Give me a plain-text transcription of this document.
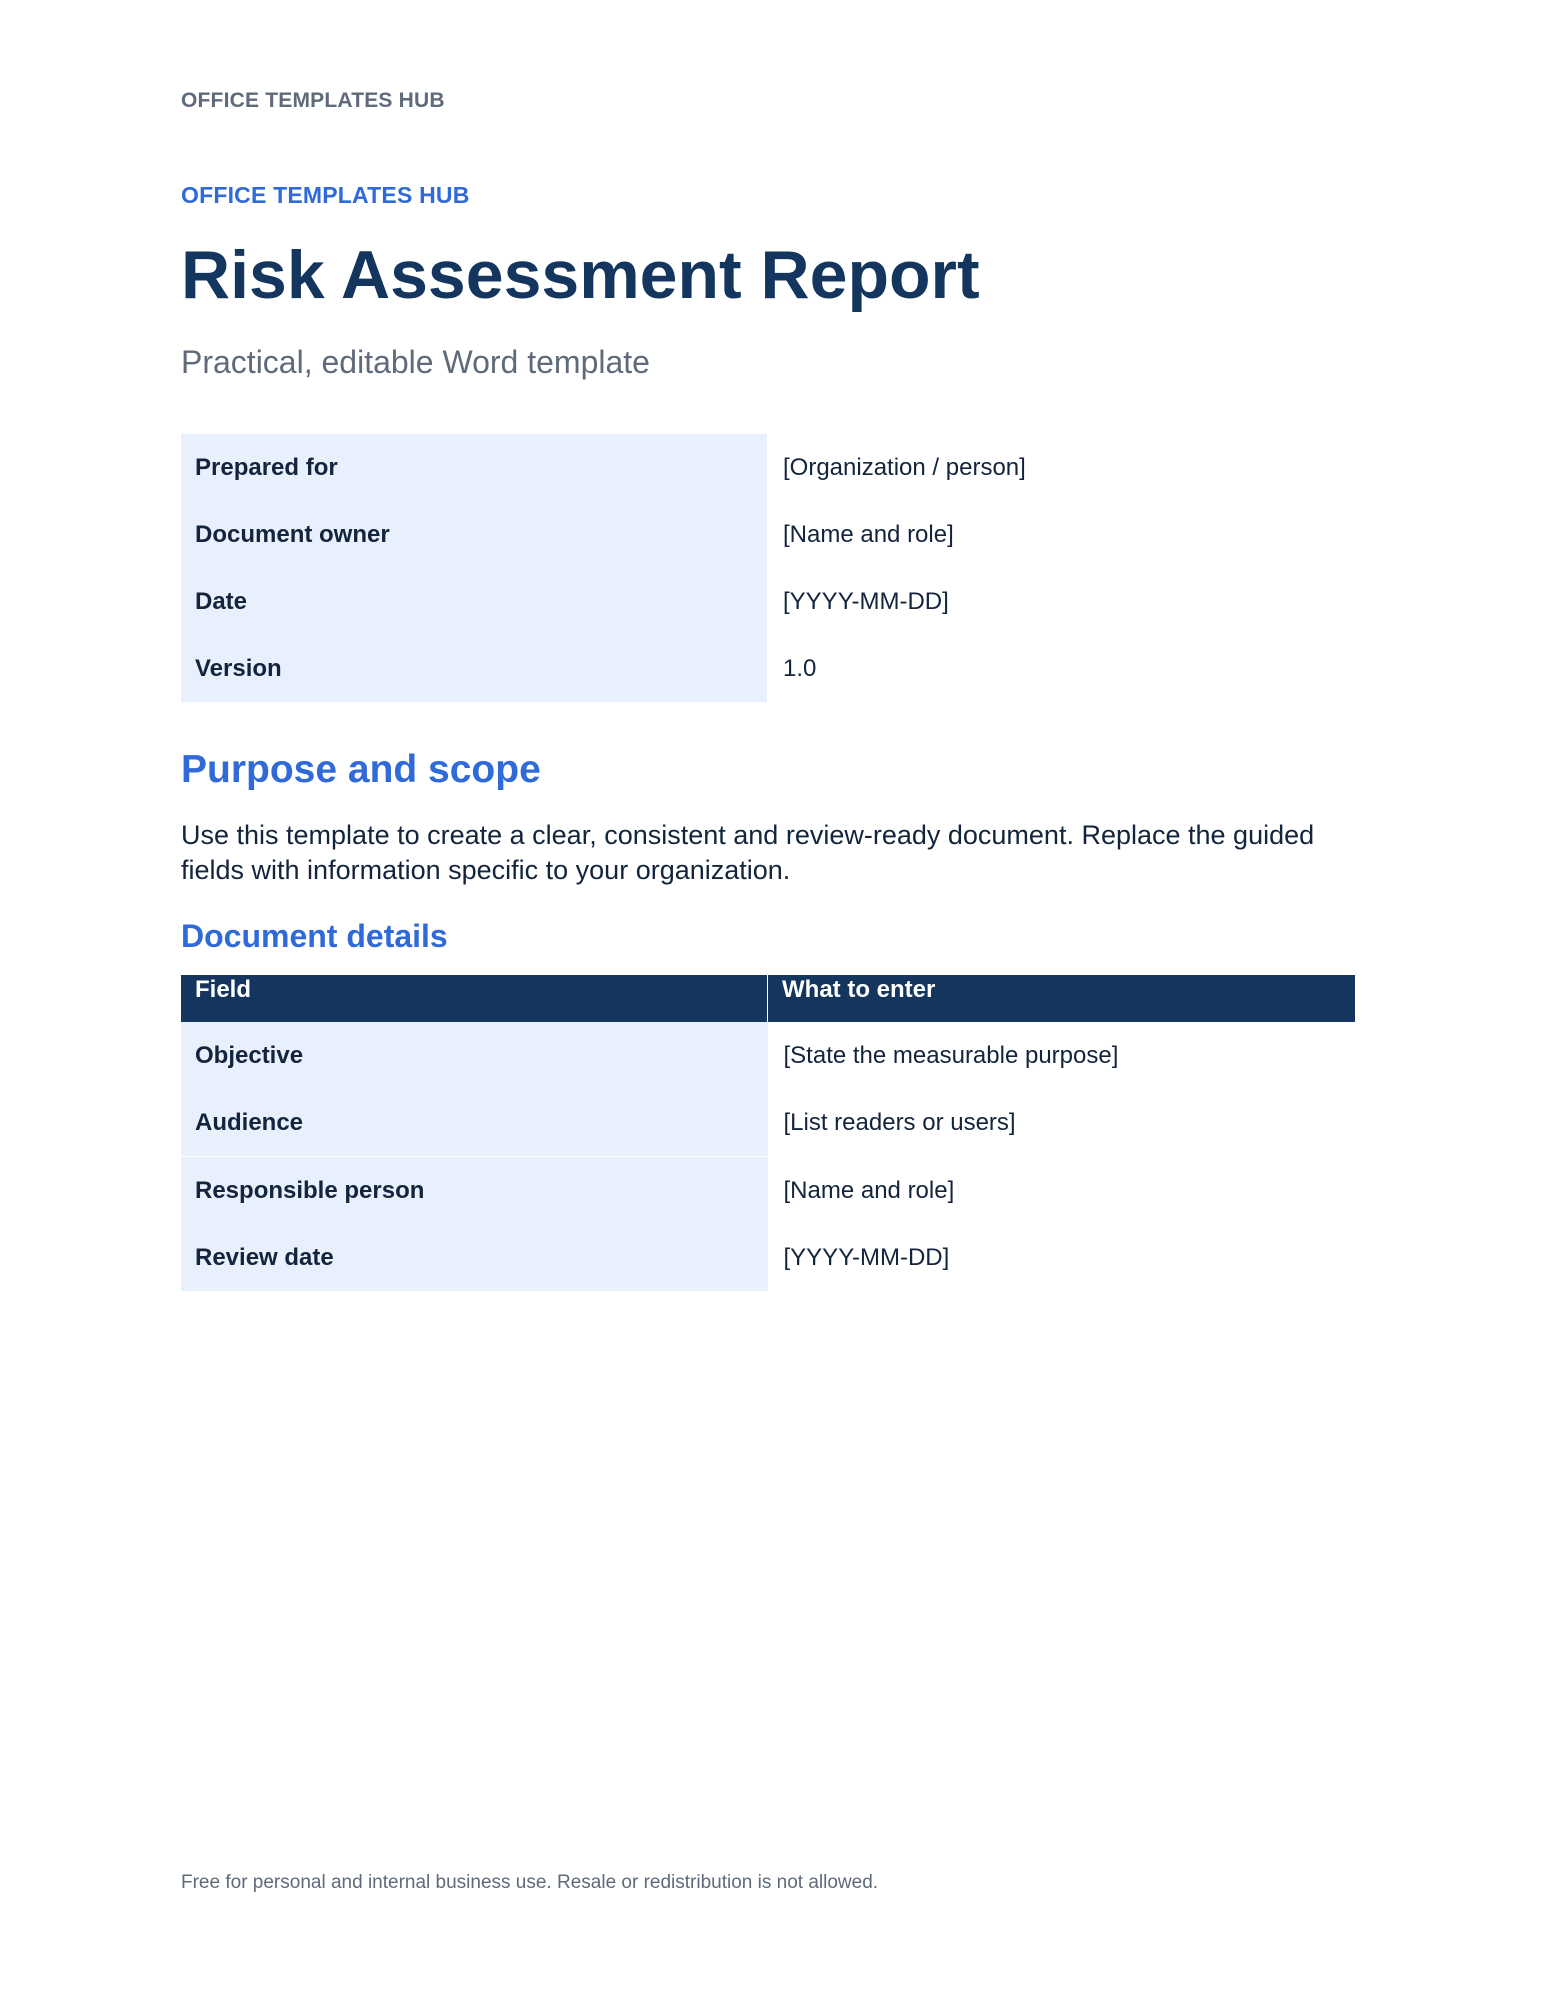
OFFICE TEMPLATES HUB
OFFICE TEMPLATES HUB
Risk Assessment Report
Practical, editable Word template
Prepared for	[Organization / person]
Document owner	[Name and role]
Date	[YYYY-MM-DD]
Version	1.0
Purpose and scope

Use this template to create a clear, consistent and review-ready document. Replace the guided fields with information specific to your organization.

Document details
Field	What to enter
Objective	[State the measurable purpose]
Audience	[List readers or users]
Responsible person	[Name and role]
Review date	[YYYY-MM-DD]
Free for personal and internal business use. Resale or redistribution is not allowed.
